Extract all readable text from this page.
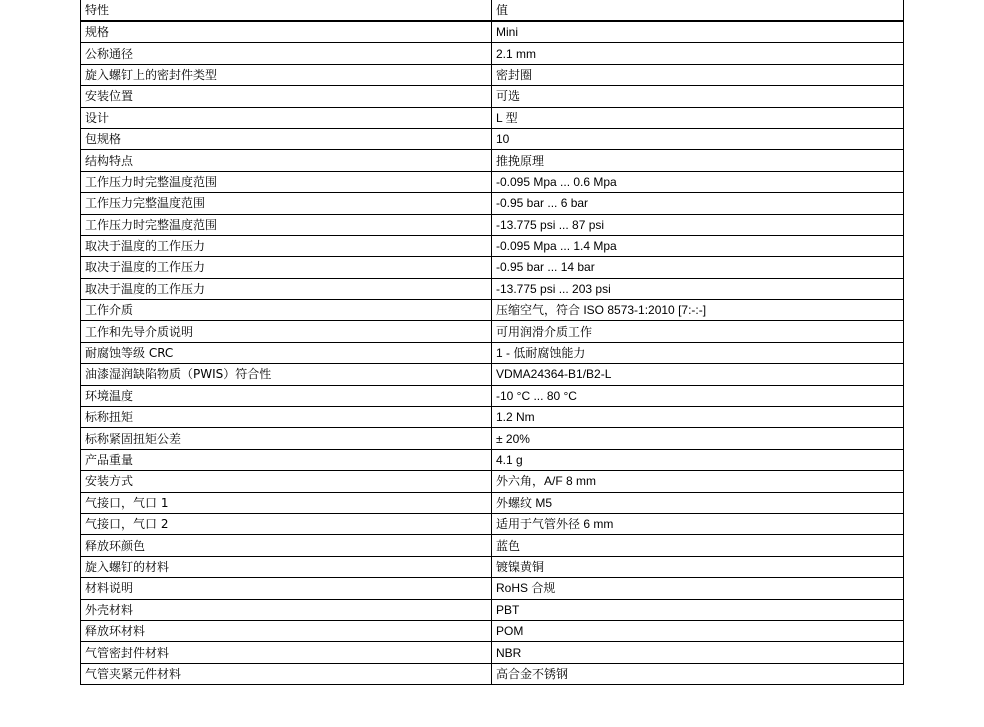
特性	值
规格	Mini
公称通径	2.1 mm
旋入螺钉上的密封件类型	密封圈
安装位置	可选
设计	L 型
包规格	10
结构特点	推挽原理
工作压力时完整温度范围	-0.095 Mpa ... 0.6 Mpa
工作压力完整温度范围	-0.95 bar ... 6 bar
工作压力时完整温度范围	-13.775 psi ... 87 psi
取决于温度的工作压力	-0.095 Mpa ... 1.4 Mpa
取决于温度的工作压力	-0.95 bar ... 14 bar
取决于温度的工作压力	-13.775 psi ... 203 psi
工作介质	压缩空气，符合 ISO 8573-1:2010 [7:-:-]
工作和先导介质说明	可用润滑介质工作
耐腐蚀等级 CRC	1 - 低耐腐蚀能力
油漆湿润缺陷物质（PWIS）符合性	VDMA24364-B1/B2-L
环境温度	-10 °C ... 80 °C
标称扭矩	1.2 Nm
标称紧固扭矩公差	± 20%
产品重量	4.1 g
安装方式	外六角，A/F 8 mm
气接口，气口 1	外螺纹 M5
气接口，气口 2	适用于气管外径 6 mm
释放环颜色	蓝色
旋入螺钉的材料	镀镍黄铜
材料说明	RoHS 合规
外壳材料	PBT
释放环材料	POM
气管密封件材料	NBR
气管夹紧元件材料	高合金不锈钢
